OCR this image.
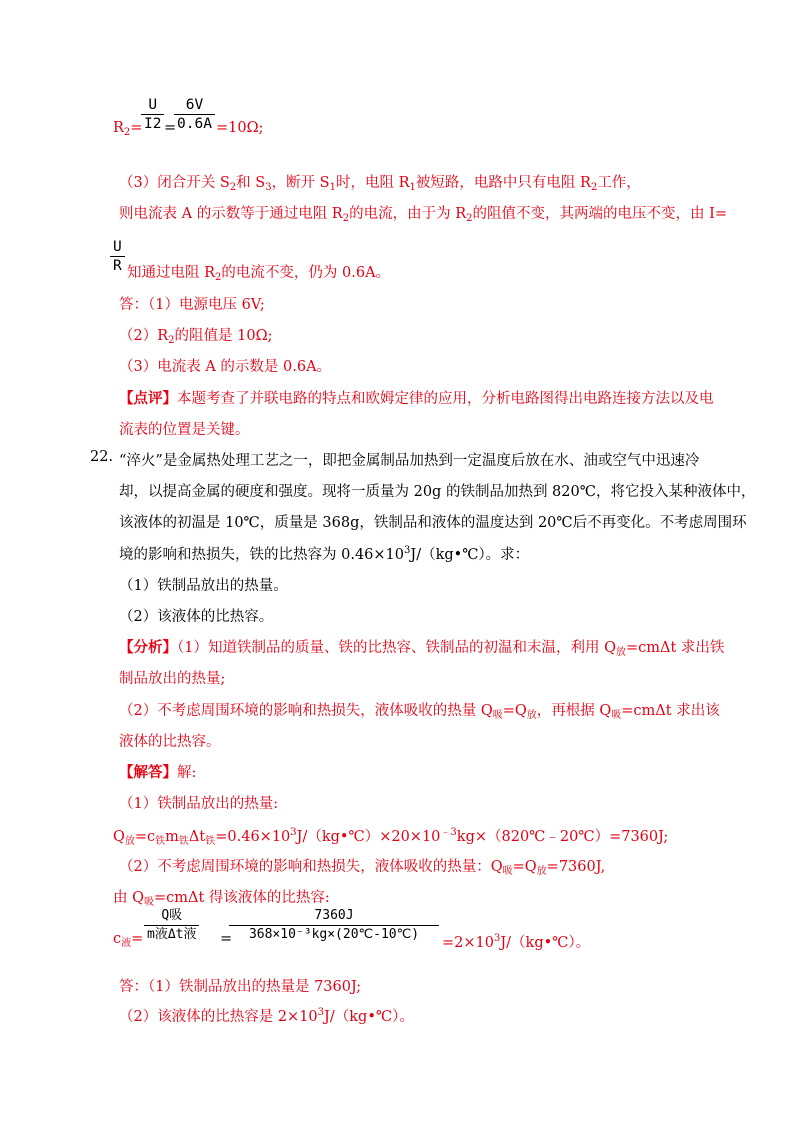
$R_2=$
$\frac{U}{I2}$ =
$\frac{6V}{0.6A} =10\Omega$;
（3）闭合开关 $S_2$和 $S_3$，断开 $S_1$时，电阻 $R_1$被短路，电路中只有电阻 $R_2$工作，
则电流表 A 的示数等于通过电阻 $R_2$的电流，由于为 $R_2$的阻值不变，其两端的电压不变，由 I=
$\frac{U}{R}$ 知通过电阻 $R_2$的电流不变，仍为 0.6A。
答：（1）电源电压 6V;
$(2)R_2$的阻值是 10Ω;
（3）电流表 A 的示数是 0.6A。
【点评】本题考查了并联电路的特点和欧姆定律的应用，分析电路图得出电路连接方法以及电
流表的位置是关键。
22. “淬火”是金属热处理工艺之一，即把金属制品加热到一定温度后放在水、油或空气中迅速冷
却，以提高金属的硬度和强度。现将一质量为 20g 的铁制品加热到 820℃，将它投入某种液体中，
该液体的初温是 10℃，质量是 368g，铁制品和液体的温度达到 20℃后不再变化。不考虑周围环
境的影响和热损失，铁的比热容为 $0.46\times 10^3J/(kg•℃)$。求：
（1）铁制品放出的热量。
（2）该液体的比热容。
【分析】（1）知道铁制品的质量、铁的比热容、铁制品的初温和末温，利用 $Q_放=cm\Delta t$ 求出铁
制品放出的热量;
（2）不考虑周围环境的影响和热损失，液体吸收的热量 $Q_吸=Q_放$，再根据 $Q_吸=cm\Delta t$ 求出该
液体的比热容。
【解答】解:
（1）铁制品放出的热量:
$Q_放=c_铁m_铁\Delta t_铁=0.46\times 10^3J/(kg•℃)\times 20\times 10^{﹣3}kg\times(820℃﹣20℃)=7360J$;
（2）不考虑周围环境的影响和热损失，液体吸收的热量：$Q_吸=Q_放=7360J$,
由 $Q_吸=cm\Delta t$ 得该液体的比热容:
$c_液=$
Q吸
m液Δt液 =
$\frac{7360J}{\text{368×10⁻³kg×(20℃-10℃)}}$ $=2\times 10^3J/(kg•℃)$。
答：（1）铁制品放出的热量是 7360J;
（2）该液体的比热容是 $2\times 10^3J/(kg•℃)$。
